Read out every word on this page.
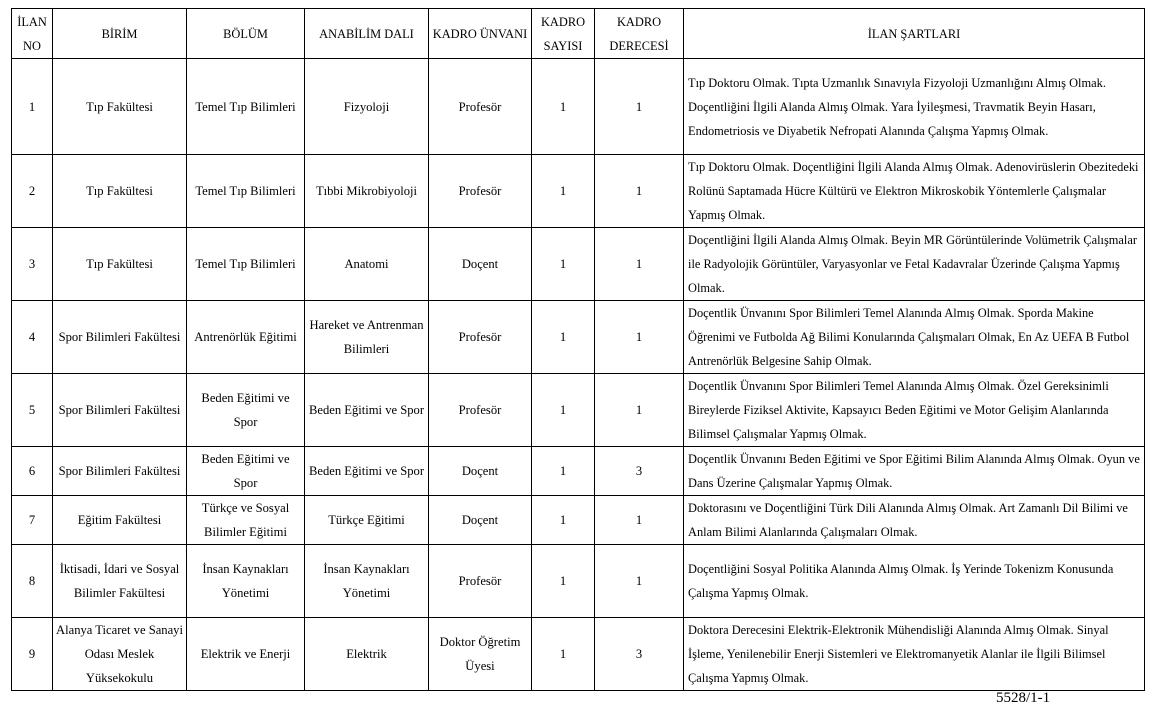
İLAN NO	BİRİM	BÖLÜM	ANABİLİM DALI	KADRO ÜNVANI	KADRO SAYISI	KADRO DERECESİ	İLAN ŞARTLARI
1	Tıp Fakültesi	Temel Tıp Bilimleri	Fizyoloji	Profesör	1	1	Tıp Doktoru Olmak. Tıpta Uzmanlık Sınavıyla Fizyoloji Uzmanlığını Almış Olmak. Doçentliğini İlgili Alanda Almış Olmak. Yara İyileşmesi, Travmatik Beyin Hasarı, Endometriosis ve Diyabetik Nefropati Alanında Çalışma Yapmış Olmak.
2	Tıp Fakültesi	Temel Tıp Bilimleri	Tıbbi Mikrobiyoloji	Profesör	1	1	Tıp Doktoru Olmak. Doçentliğini İlgili Alanda Almış Olmak. Adenovirüslerin Obezitedeki Rolünü Saptamada Hücre Kültürü ve Elektron Mikroskobik Yöntemlerle Çalışmalar Yapmış Olmak.
3	Tıp Fakültesi	Temel Tıp Bilimleri	Anatomi	Doçent	1	1	Doçentliğini İlgili Alanda Almış Olmak. Beyin MR Görüntülerinde Volümetrik Çalışmalar ile Radyolojik Görüntüler, Varyasyonlar ve Fetal Kadavralar Üzerinde Çalışma Yapmış Olmak.
4	Spor Bilimleri Fakültesi	Antrenörlük Eğitimi	Hareket ve Antrenman Bilimleri	Profesör	1	1	Doçentlik Ünvanını Spor Bilimleri Temel Alanında Almış Olmak. Sporda Makine Öğrenimi ve Futbolda Ağ Bilimi Konularında Çalışmaları Olmak, En Az UEFA B Futbol Antrenörlük Belgesine Sahip Olmak.
5	Spor Bilimleri Fakültesi	Beden Eğitimi ve Spor	Beden Eğitimi ve Spor	Profesör	1	1	Doçentlik Ünvanını Spor Bilimleri Temel Alanında Almış Olmak. Özel Gereksinimli Bireylerde Fiziksel Aktivite, Kapsayıcı Beden Eğitimi ve Motor Gelişim Alanlarında Bilimsel Çalışmalar Yapmış Olmak.
6	Spor Bilimleri Fakültesi	Beden Eğitimi ve Spor	Beden Eğitimi ve Spor	Doçent	1	3	Doçentlik Ünvanını Beden Eğitimi ve Spor Eğitimi Bilim Alanında Almış Olmak. Oyun ve Dans Üzerine Çalışmalar Yapmış Olmak.
7	Eğitim Fakültesi	Türkçe ve Sosyal Bilimler Eğitimi	Türkçe Eğitimi	Doçent	1	1	Doktorasını ve Doçentliğini Türk Dili Alanında Almış Olmak. Art Zamanlı Dil Bilimi ve Anlam Bilimi Alanlarında Çalışmaları Olmak.
8	İktisadi, İdari ve Sosyal Bilimler Fakültesi	İnsan Kaynakları Yönetimi	İnsan Kaynakları Yönetimi	Profesör	1	1	Doçentliğini Sosyal Politika Alanında Almış Olmak. İş Yerinde Tokenizm Konusunda Çalışma Yapmış Olmak.
9	Alanya Ticaret ve Sanayi Odası Meslek Yüksekokulu	Elektrik ve Enerji	Elektrik	Doktor Öğretim Üyesi	1	3	Doktora Derecesini Elektrik-Elektronik Mühendisliği Alanında Almış Olmak. Sinyal İşleme, Yenilenebilir Enerji Sistemleri ve Elektromanyetik Alanlar ile İlgili Bilimsel Çalışma Yapmış Olmak.
5528/1-1
